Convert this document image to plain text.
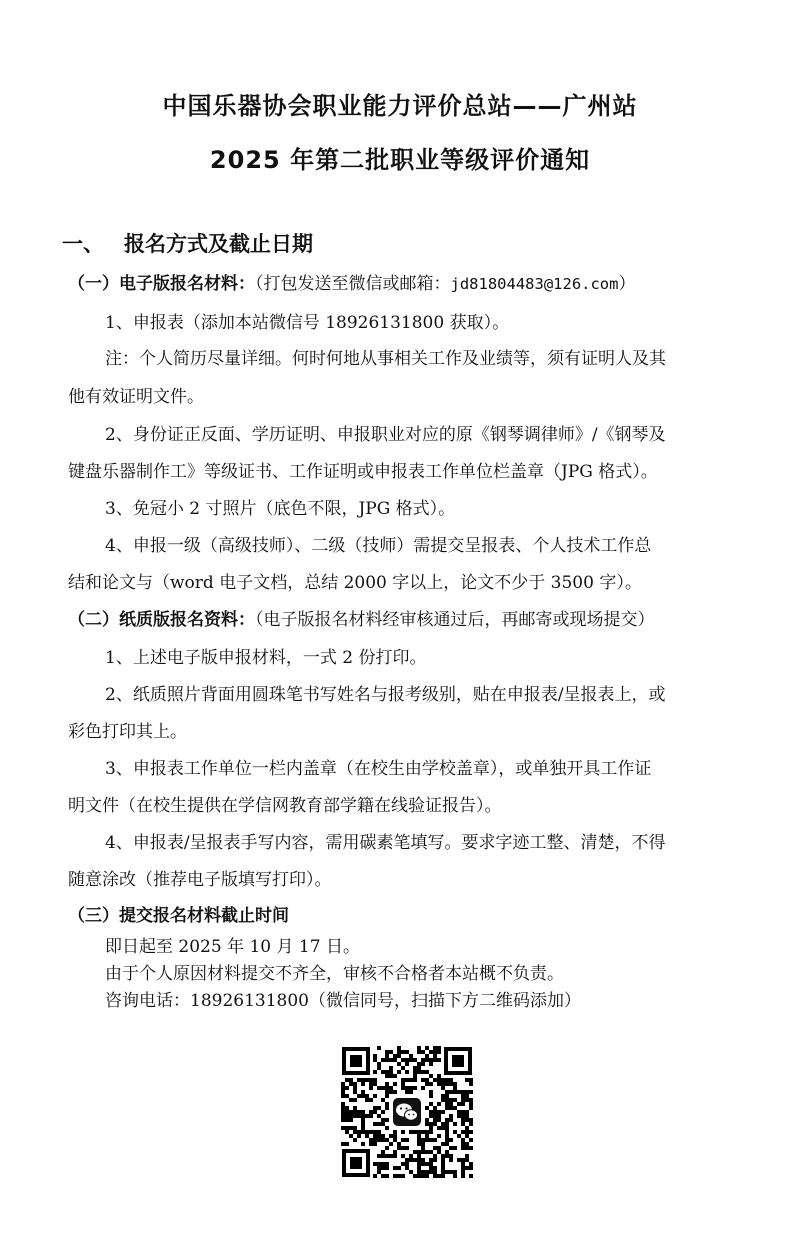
中国乐器协会职业能力评价总站——广州站
2025 年第二批职业等级评价通知
一、 报名方式及截止日期
（一）电子版报名材料：（打包发送至微信或邮箱：jd81804483@126.com）
1、申报表（添加本站微信号 18926131800 获取）。
注：个人简历尽量详细。何时何地从事相关工作及业绩等，须有证明人及其
他有效证明文件。
2、身份证正反面、学历证明、申报职业对应的原《钢琴调律师》/《钢琴及
键盘乐器制作工》等级证书、工作证明或申报表工作单位栏盖章（JPG 格式）。
3、免冠小 2 寸照片（底色不限，JPG 格式）。
4、申报一级（高级技师）、二级（技师）需提交呈报表、个人技术工作总
结和论文与（word 电子文档，总结 2000 字以上，论文不少于 3500 字）。
（二）纸质版报名资料：（电子版报名材料经审核通过后，再邮寄或现场提交）
1、上述电子版申报材料，一式 2 份打印。
2、纸质照片背面用圆珠笔书写姓名与报考级别，贴在申报表/呈报表上，或
彩色打印其上。
3、申报表工作单位一栏内盖章（在校生由学校盖章），或单独开具工作证
明文件（在校生提供在学信网教育部学籍在线验证报告）。
4、申报表/呈报表手写内容，需用碳素笔填写。要求字迹工整、清楚，不得
随意涂改（推荐电子版填写打印）。
（三）提交报名材料截止时间
即日起至 2025 年 10 月 17 日。
由于个人原因材料提交不齐全，审核不合格者本站概不负责。
咨询电话：18926131800（微信同号，扫描下方二维码添加）
